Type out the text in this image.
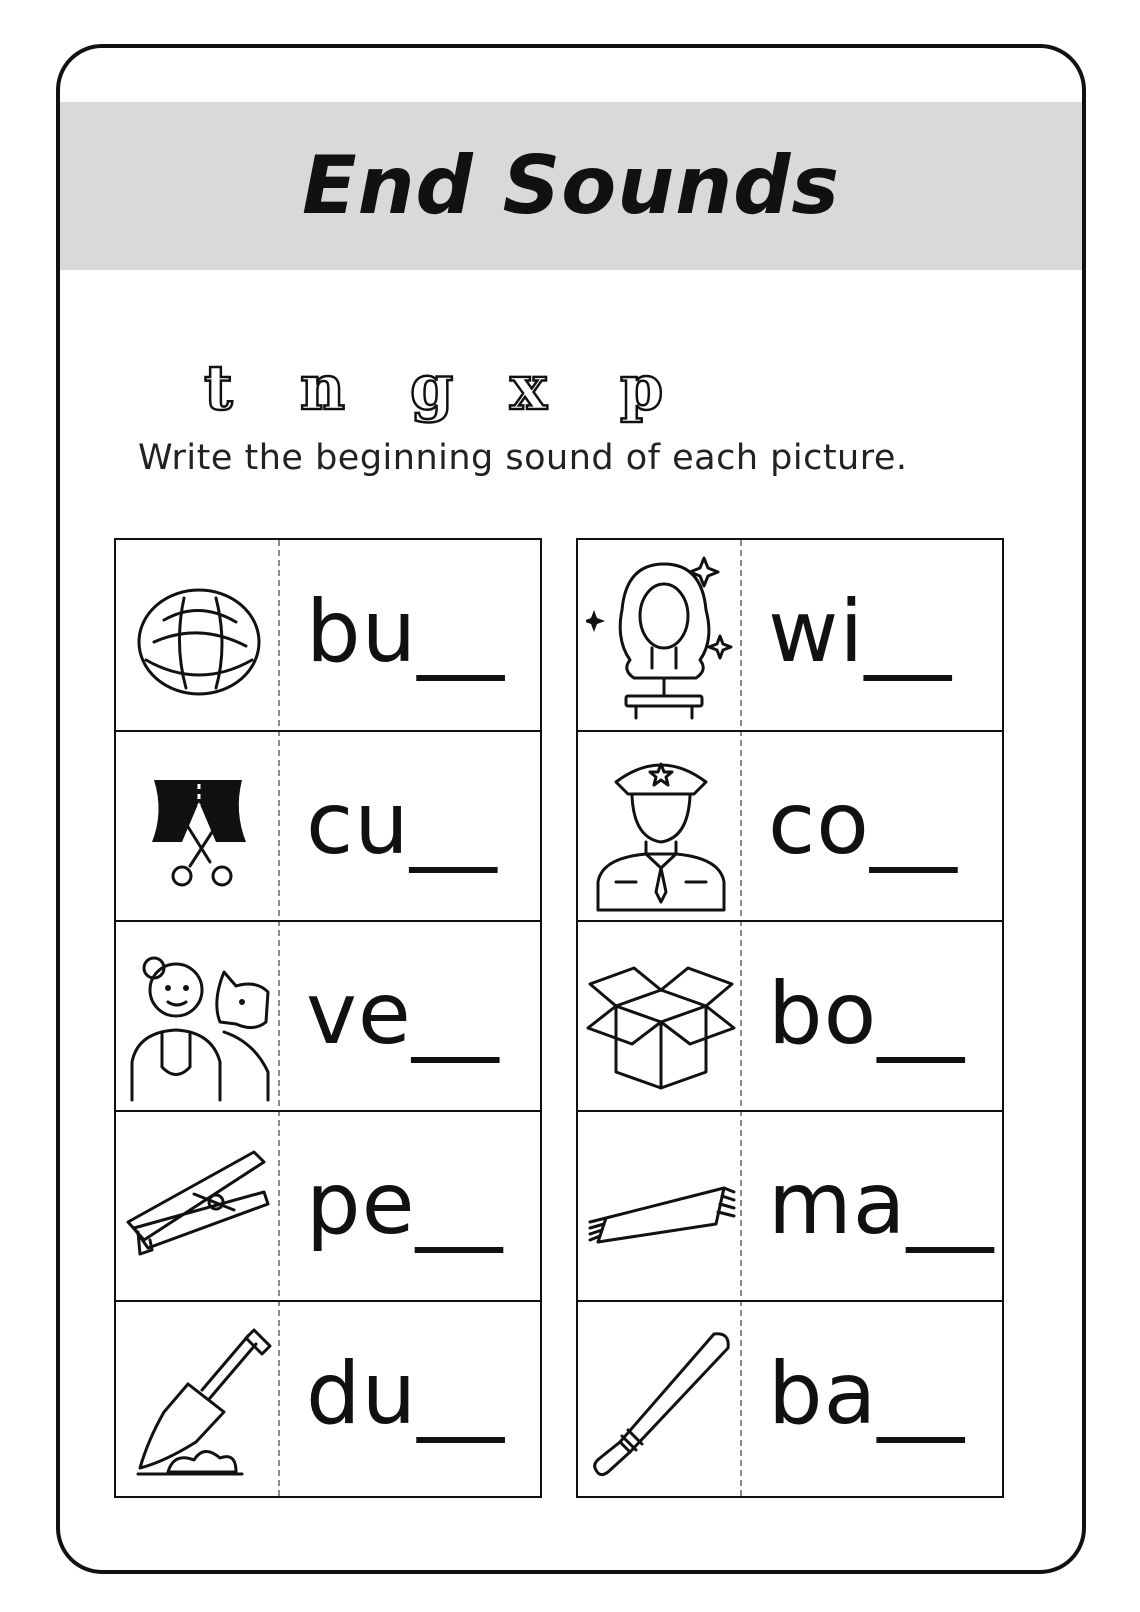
End Sounds
t n g x p

Write the beginning sound of each picture.

bu__
cu__
ve__
pe__
du__
wi__
co__
bo__
ma__
ba__
